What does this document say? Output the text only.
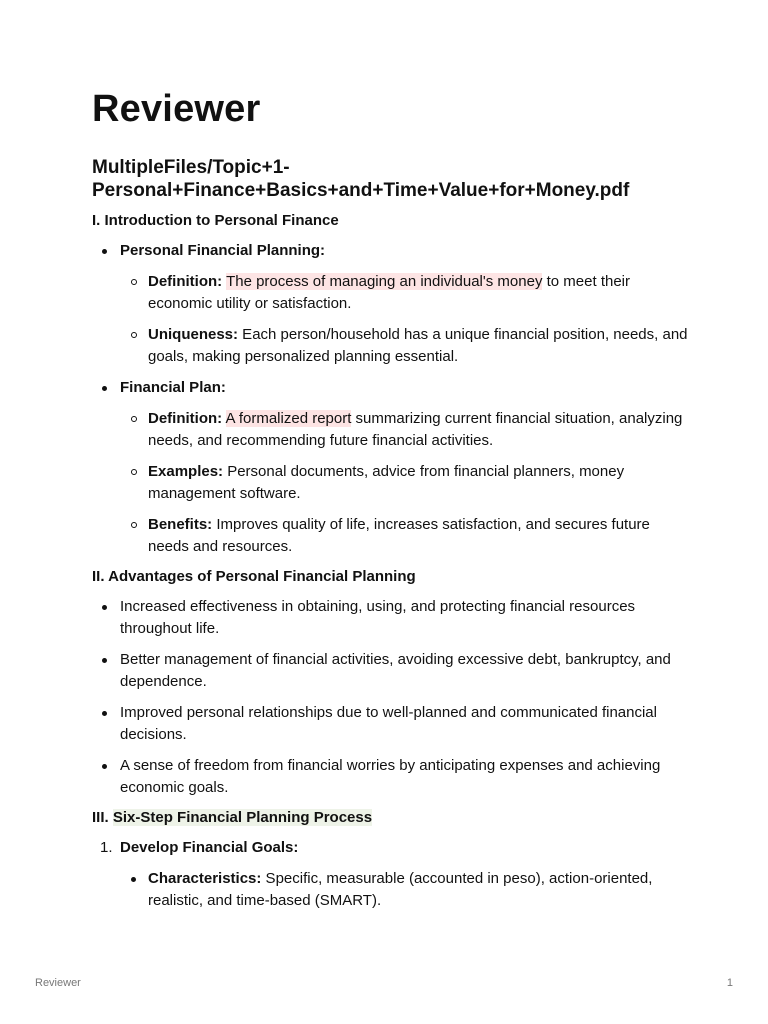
Reviewer
MultipleFiles/Topic+1-Personal+Finance+Basics+and+Time+Value+for+Money.pdf
I. Introduction to Personal Finance
Personal Financial Planning:
Definition: The process of managing an individual's money to meet their economic utility or satisfaction.
Uniqueness: Each person/household has a unique financial position, needs, and goals, making personalized planning essential.
Financial Plan:
Definition: A formalized report summarizing current financial situation, analyzing needs, and recommending future financial activities.
Examples: Personal documents, advice from financial planners, money management software.
Benefits: Improves quality of life, increases satisfaction, and secures future needs and resources.
II. Advantages of Personal Financial Planning
Increased effectiveness in obtaining, using, and protecting financial resources throughout life.
Better management of financial activities, avoiding excessive debt, bankruptcy, and dependence.
Improved personal relationships due to well-planned and communicated financial decisions.
A sense of freedom from financial worries by anticipating expenses and achieving economic goals.
III. Six-Step Financial Planning Process
1. Develop Financial Goals:
Characteristics: Specific, measurable (accounted in peso), action-oriented, realistic, and time-based (SMART).
Reviewer	1
